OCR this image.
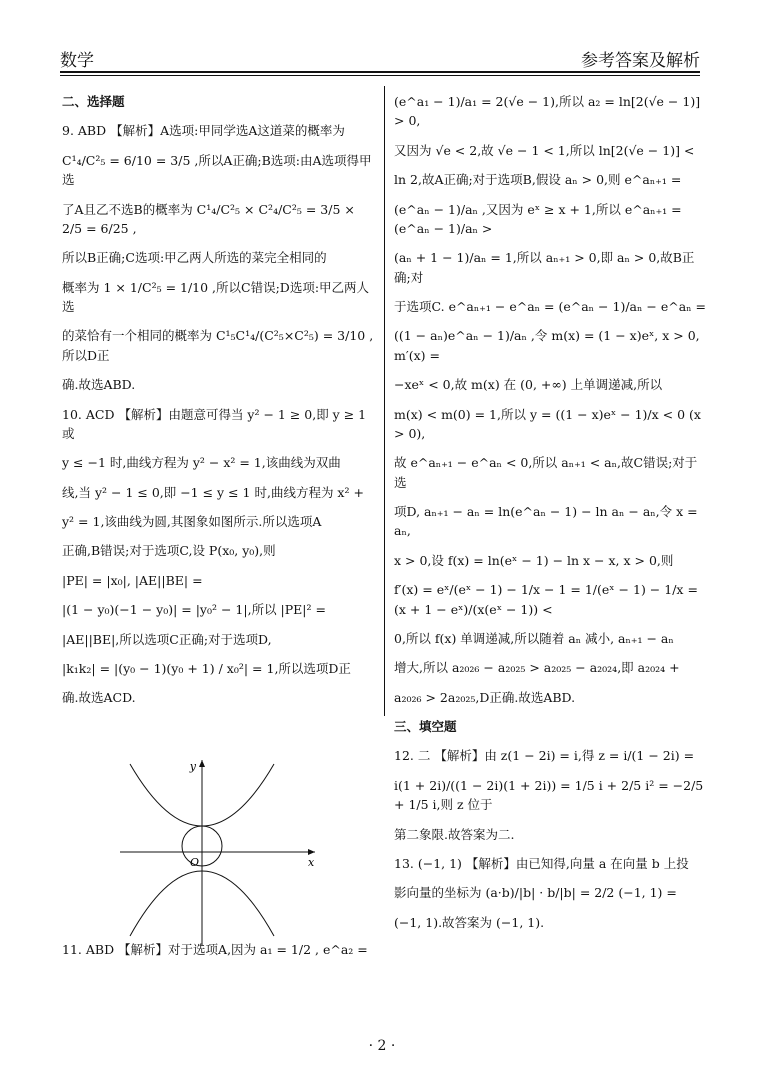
数学	参考答案及解析

二、选择题

9. ABD 【解析】A选项:甲同学选A这道菜的概率为
C¹₄/C²₅ = 6/10 = 3/5 ,所以A正确;B选项:由A选项得甲选
了A且乙不选B的概率为 C¹₄/C²₅ × C²₄/C²₅ = 3/5 × 2/5 = 6/25 ,
所以B正确;C选项:甲乙两人所选的菜完全相同的
概率为 1 × 1/C²₅ = 1/10 ,所以C错误;D选项:甲乙两人选
的菜恰有一个相同的概率为 C¹₅C¹₄/(C²₅×C²₅) = 3/10 ,所以D正
确.故选ABD.
10. ACD 【解析】由题意可得当 y² − 1 ≥ 0,即 y ≥ 1 或
y ≤ −1 时,曲线方程为 y² − x² = 1,该曲线为双曲
线,当 y² − 1 ≤ 0,即 −1 ≤ y ≤ 1 时,曲线方程为 x² +
y² = 1,该曲线为圆,其图象如图所示.所以选项A
正确,B错误;对于选项C,设 P(x₀, y₀),则
|PE| = |x₀|, |AE||BE| =
|(1 − y₀)(−1 − y₀)| = |y₀² − 1|,所以 |PE|² =
|AE||BE|,所以选项C正确;对于选项D,
|k₁k₂| = |(y₀ − 1)(y₀ + 1) / x₀²| = 1,所以选项D正
确.故选ACD.
y
x
O
11. ABD 【解析】对于选项A,因为 a₁ = 1/2 , e^a₂ =
(e^a₁ − 1)/a₁ = 2(√e − 1),所以 a₂ = ln[2(√e − 1)] > 0,
又因为 √e < 2,故 √e − 1 < 1,所以 ln[2(√e − 1)] <
ln 2,故A正确;对于选项B,假设 aₙ > 0,则 e^aₙ₊₁ =
(e^aₙ − 1)/aₙ ,又因为 eˣ ≥ x + 1,所以 e^aₙ₊₁ = (e^aₙ − 1)/aₙ >
(aₙ + 1 − 1)/aₙ = 1,所以 aₙ₊₁ > 0,即 aₙ > 0,故B正确;对
于选项C. e^aₙ₊₁ − e^aₙ = (e^aₙ − 1)/aₙ − e^aₙ =
((1 − aₙ)e^aₙ − 1)/aₙ ,令 m(x) = (1 − x)eˣ, x > 0, m′(x) =
−xeˣ < 0,故 m(x) 在 (0, +∞) 上单调递减,所以
m(x) < m(0) = 1,所以 y = ((1 − x)eˣ − 1)/x < 0 (x > 0),
故 e^aₙ₊₁ − e^aₙ < 0,所以 aₙ₊₁ < aₙ,故C错误;对于选
项D, aₙ₊₁ − aₙ = ln(e^aₙ − 1) − ln aₙ − aₙ,令 x = aₙ,
x > 0,设 f(x) = ln(eˣ − 1) − ln x − x, x > 0,则
f′(x) = eˣ/(eˣ − 1) − 1/x − 1 = 1/(eˣ − 1) − 1/x = (x + 1 − eˣ)/(x(eˣ − 1)) <
0,所以 f(x) 单调递减,所以随着 aₙ 减小, aₙ₊₁ − aₙ
增大,所以 a₂₀₂₆ − a₂₀₂₅ > a₂₀₂₅ − a₂₀₂₄,即 a₂₀₂₄ +
a₂₀₂₆ > 2a₂₀₂₅,D正确.故选ABD.

三、填空题

12. 二 【解析】由 z(1 − 2i) = i,得 z = i/(1 − 2i) =
i(1 + 2i)/((1 − 2i)(1 + 2i)) = 1/5 i + 2/5 i² = −2/5 + 1/5 i,则 z 位于
第二象限.故答案为二.
13. (−1, 1) 【解析】由已知得,向量 a 在向量 b 上投
影向量的坐标为 (a·b)/|b| · b/|b| = 2/2 (−1, 1) =
(−1, 1).故答案为 (−1, 1).
· 2 ·
